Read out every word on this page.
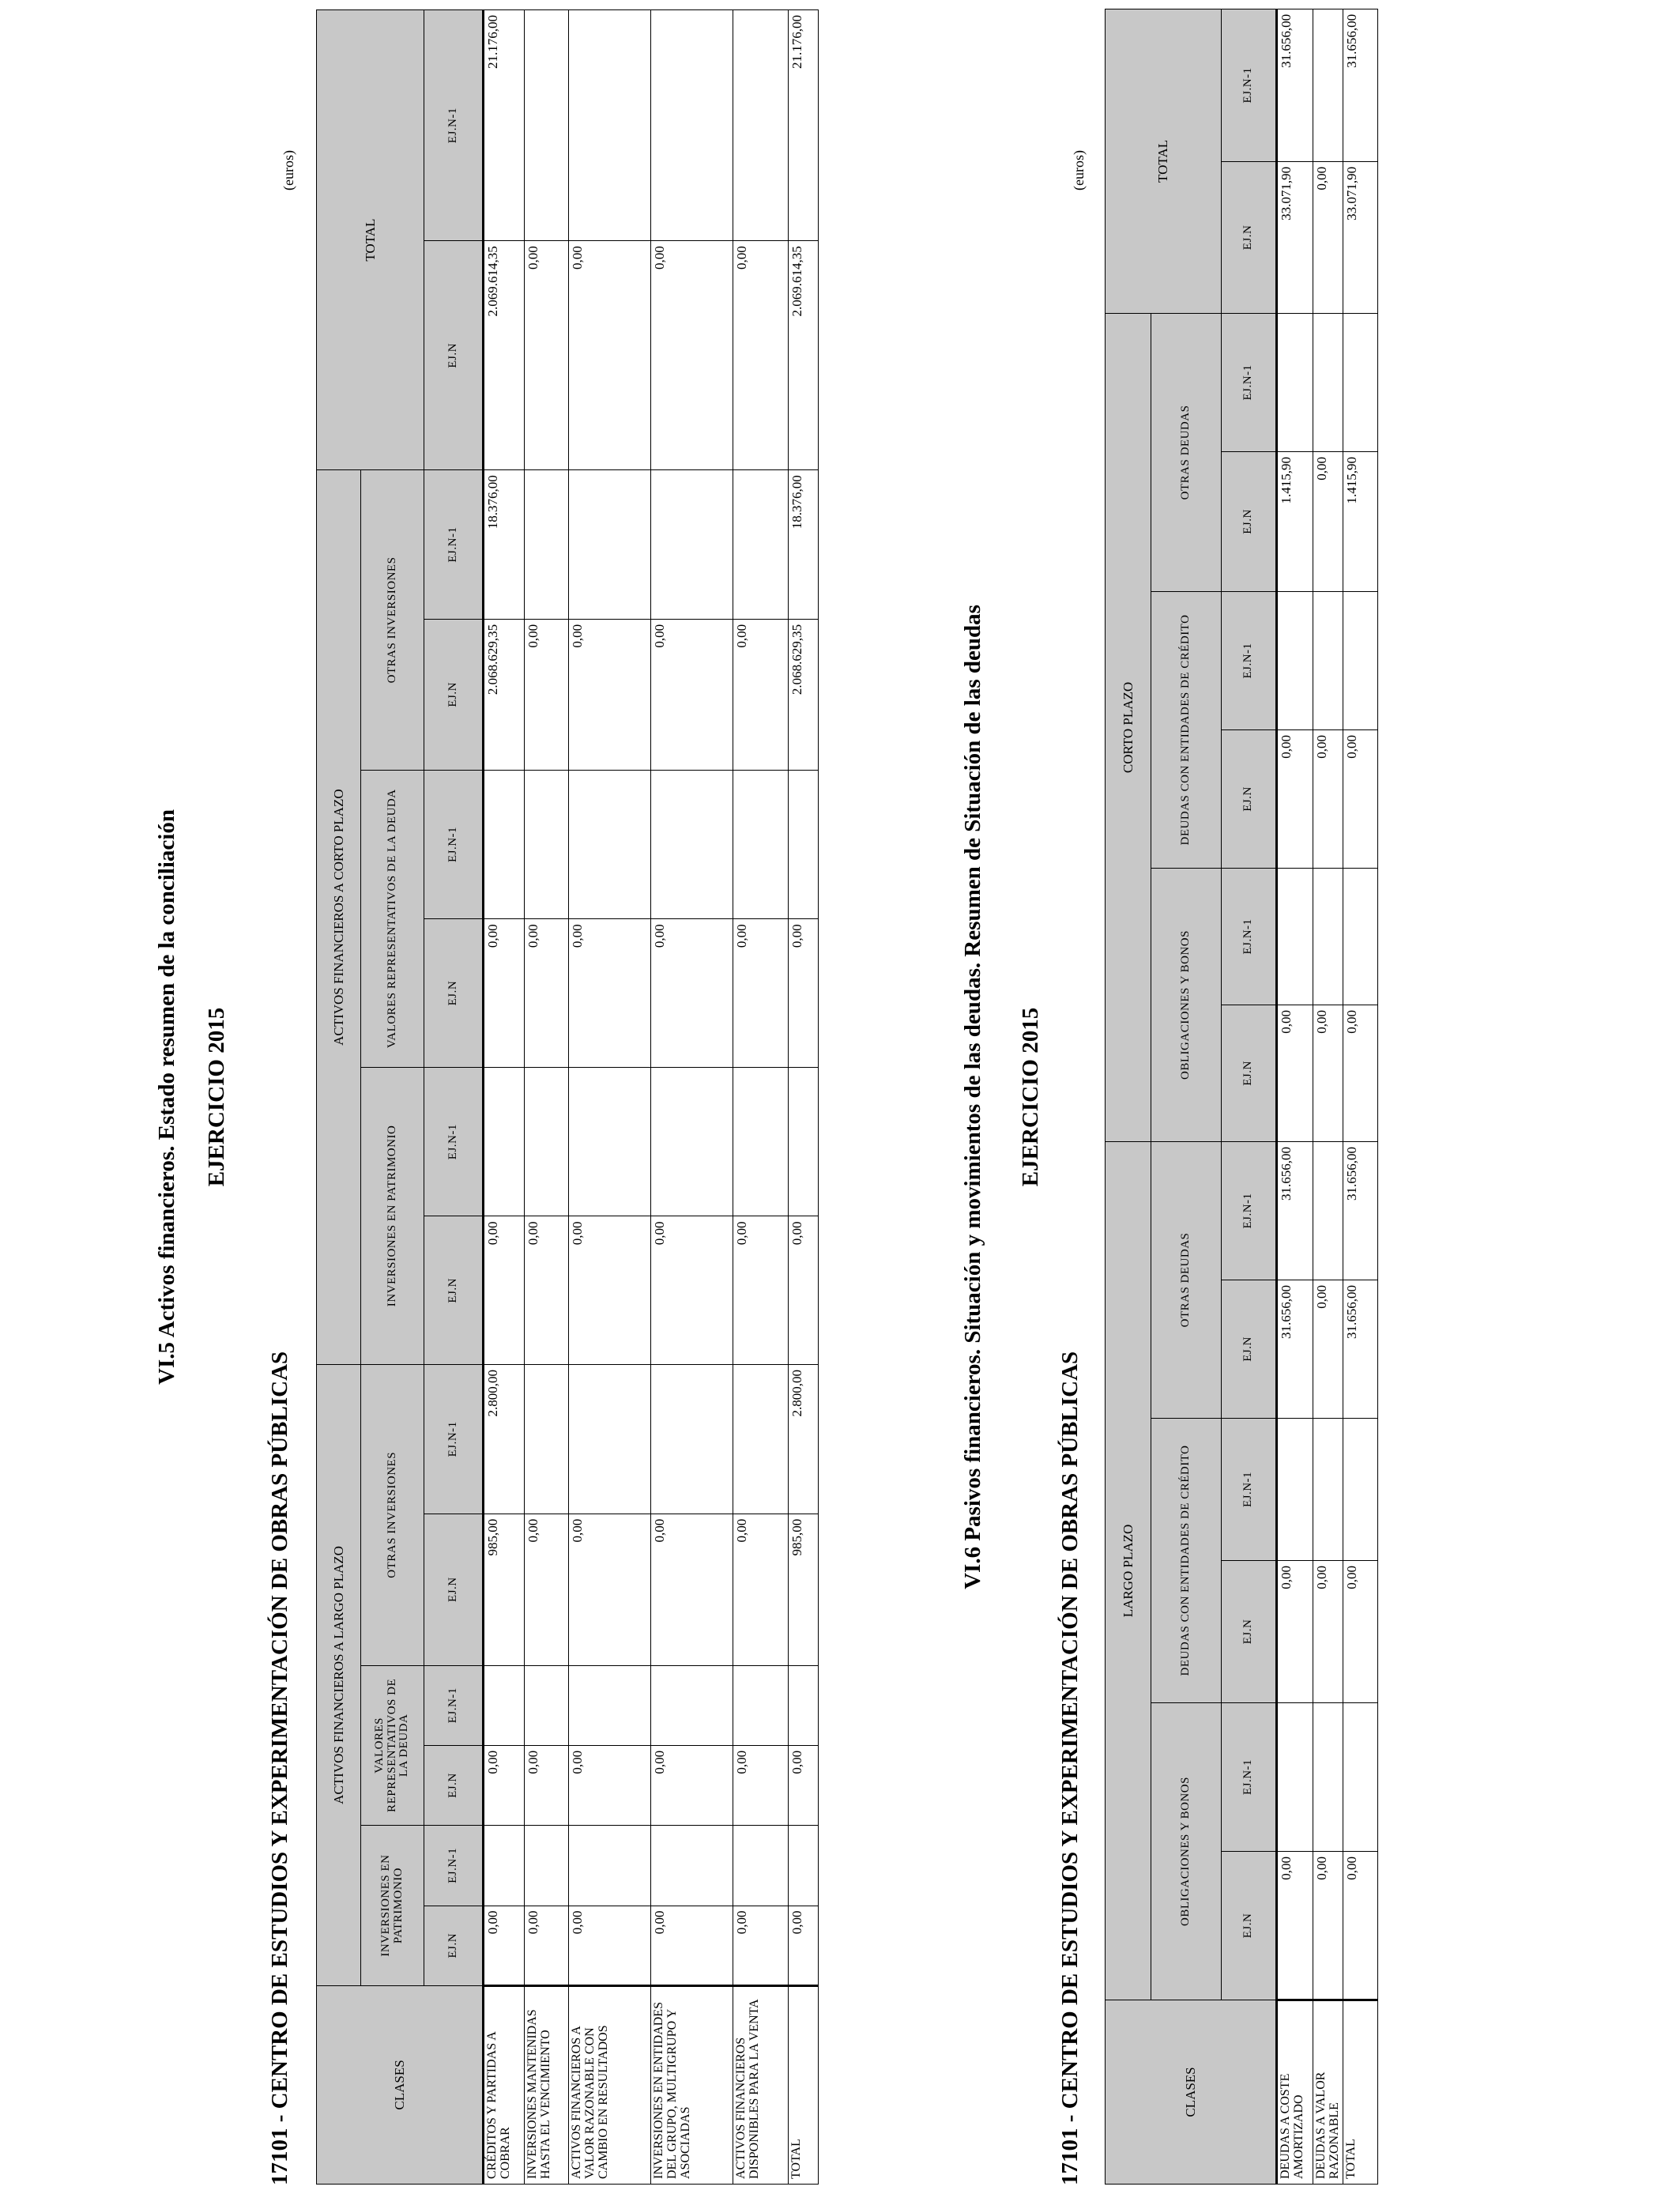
VI.5 Activos financieros. Estado resumen de la conciliación EJERCICIO 2015
17101 - CENTRO DE ESTUDIOS Y EXPERIMENTACIÓN DE OBRAS PÚBLICAS
(euros)
CLASES	ACTIVOS FINANCIEROS A LARGO PLAZO						ACTIVOS FINANCIEROS A CORTO PLAZO						TOTAL	
	INVERSIONES EN PATRIMONIO		VALORES REPRESENTATIVOS DE LA DEUDA		OTRAS INVERSIONES		INVERSIONES EN PATRIMONIO		VALORES REPRESENTATIVOS DE LA DEUDA		OTRAS INVERSIONES			
	EJ.N	EJ.N-1	EJ.N	EJ.N-1	EJ.N	EJ.N-1	EJ.N	EJ.N-1	EJ.N	EJ.N-1	EJ.N	EJ.N-1	EJ.N	EJ.N-1
CRÉDITOS Y PARTIDAS A COBRAR	0,00		0,00		985,00	2.800,00	0,00		0,00		2.068.629,35	18.376,00	2.069.614,35	21.176,00
INVERSIONES MANTENIDAS HASTA EL VENCIMIENTO	0,00		0,00		0,00		0,00		0,00		0,00		0,00	
ACTIVOS FINANCIEROS A VALOR RAZONABLE CON CAMBIO EN RESULTADOS	0,00		0,00		0,00		0,00		0,00		0,00		0,00	
INVERSIONES EN ENTIDADES DEL GRUPO, MULTIGRUPO Y ASOCIADAS	0,00		0,00		0,00		0,00		0,00		0,00		0,00	
ACTIVOS FINANCIEROS DISPONIBLES PARA LA VENTA	0,00		0,00		0,00		0,00		0,00		0,00		0,00	
TOTAL	0,00		0,00		985,00	2.800,00	0,00		0,00		2.068.629,35	18.376,00	2.069.614,35	21.176,00
VI.6 Pasivos financieros. Situación y movimientos de las deudas. Resumen de Situación de las deudas EJERCICIO 2015
17101 - CENTRO DE ESTUDIOS Y EXPERIMENTACIÓN DE OBRAS PÚBLICAS
(euros)
CLASES	LARGO PLAZO						CORTO PLAZO						TOTAL	
	OBLIGACIONES Y BONOS		DEUDAS CON ENTIDADES DE CRÉDITO		OTRAS DEUDAS		OBLIGACIONES Y BONOS		DEUDAS CON ENTIDADES DE CRÉDITO		OTRAS DEUDAS			
	EJ.N	EJ.N-1	EJ.N	EJ.N-1	EJ.N	EJ.N-1	EJ.N	EJ.N-1	EJ.N	EJ.N-1	EJ.N	EJ.N-1	EJ.N	EJ.N-1
DEUDAS A COSTE AMORTIZADO	0,00		0,00		31.656,00	31.656,00	0,00		0,00		1.415,90		33.071,90	31.656,00
DEUDAS A VALOR RAZONABLE	0,00		0,00		0,00		0,00		0,00		0,00		0,00	
TOTAL	0,00		0,00		31.656,00	31.656,00	0,00		0,00		1.415,90		33.071,90	31.656,00
